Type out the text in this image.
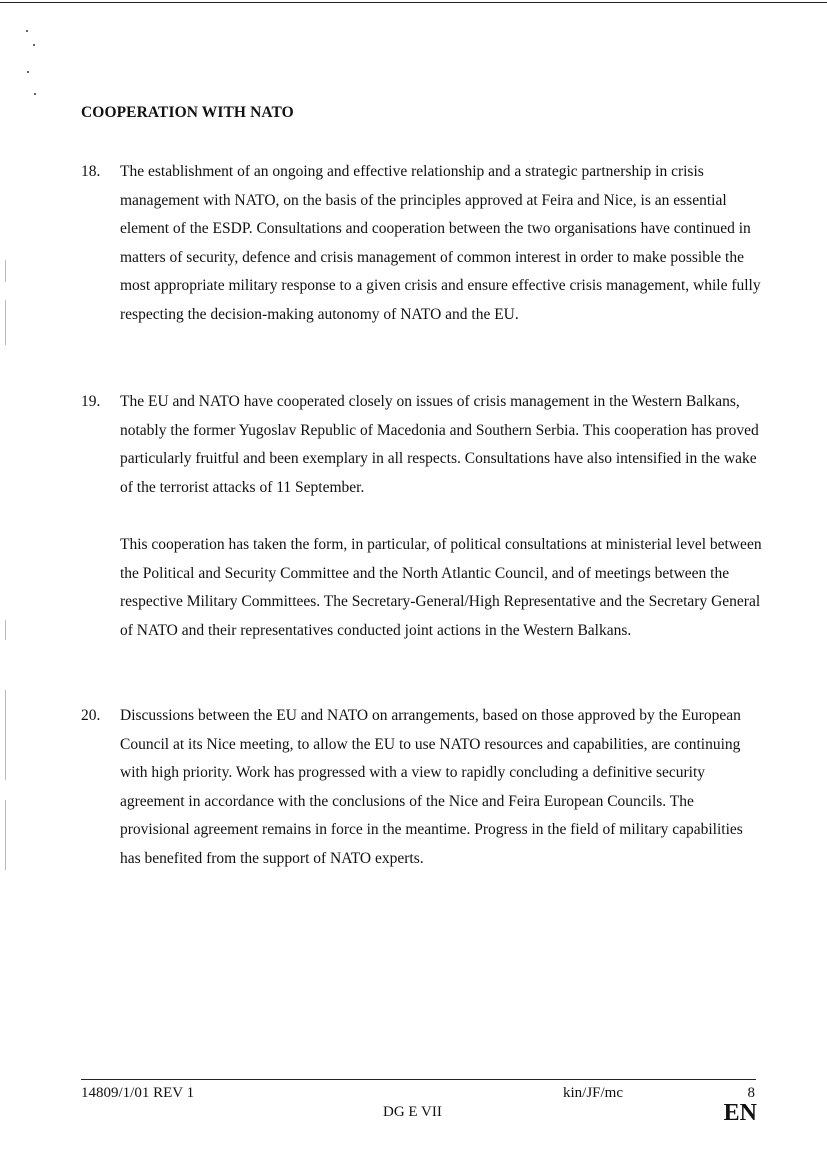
COOPERATION WITH NATO
18. The establishment of an ongoing and effective relationship and a strategic partnership in crisis management with NATO, on the basis of the principles approved at Feira and Nice, is an essential element of the ESDP. Consultations and cooperation between the two organisations have continued in matters of security, defence and crisis management of common interest in order to make possible the most appropriate military response to a given crisis and ensure effective crisis management, while fully respecting the decision-making autonomy of NATO and the EU.

19. The EU and NATO have cooperated closely on issues of crisis management in the Western Balkans, notably the former Yugoslav Republic of Macedonia and Southern Serbia. This cooperation has proved particularly fruitful and been exemplary in all respects. Consultations have also intensified in the wake of the terrorist attacks of 11 September.

This cooperation has taken the form, in particular, of political consultations at ministerial level between the Political and Security Committee and the North Atlantic Council, and of meetings between the respective Military Committees. The Secretary-General/High Representative and the Secretary General of NATO and their representatives conducted joint actions in the Western Balkans.

20. Discussions between the EU and NATO on arrangements, based on those approved by the European Council at its Nice meeting, to allow the EU to use NATO resources and capabilities, are continuing with high priority. Work has progressed with a view to rapidly concluding a definitive security agreement in accordance with the conclusions of the Nice and Feira European Councils. The provisional agreement remains in force in the meantime. Progress in the field of military capabilities has benefited from the support of NATO experts.

14809/1/01 REV 1
DG E VII
kin/JF/mc	8
EN
